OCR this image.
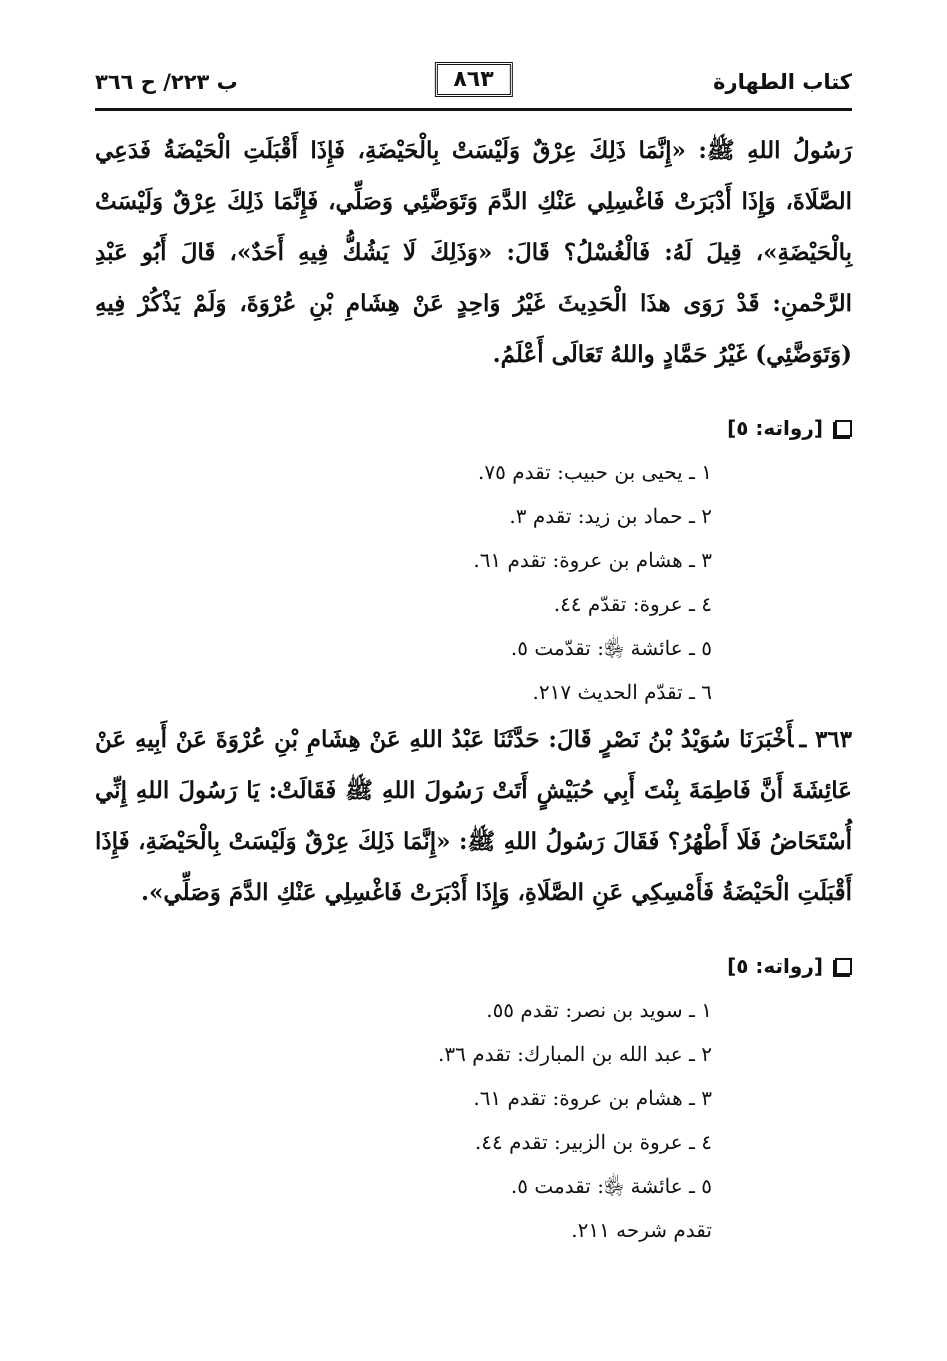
كتاب الطهارة
٨٦٣
ب ٢٢٣/ ح ٣٦٦

رَسُولُ اللهِ ﷺ: «إِنَّمَا ذَلِكَ عِرْقٌ وَلَيْسَتْ بِالْحَيْضَةِ، فَإِذَا أَقْبَلَتِ الْحَيْضَةُ فَدَعِي الصَّلَاةَ، وَإِذَا أَدْبَرَتْ فَاغْسِلِي عَنْكِ الدَّمَ وَتَوَضَّئِي وَصَلِّي، فَإِنَّمَا ذَلِكَ عِرْقٌ وَلَيْسَتْ بِالْحَيْضَةِ»، قِيلَ لَهُ: فَالْغُسْلُ؟ قَالَ: «وَذَلِكَ لَا يَشُكُّ فِيهِ أَحَدٌ»، قَالَ أَبُو عَبْدِ الرَّحْمنِ: قَدْ رَوَى هذَا الْحَدِيثَ غَيْرُ وَاحِدٍ عَنْ هِشَامِ بْنِ عُرْوَةَ، وَلَمْ يَذْكُرْ فِيهِ (وَتَوَضَّئِي) غَيْرُ حَمَّادٍ واللهُ تَعَالَى أَعْلَمُ.

[رواته: ٥]
١ ـ يحيى بن حبيب: تقدم ٧٥.
٢ ـ حماد بن زيد: تقدم ٣.
٣ ـ هشام بن عروة: تقدم ٦١.
٤ ـ عروة: تقدّم ٤٤.
٥ ـ عائشة ﵂: تقدّمت ٥.
٦ ـ تقدّم الحديث ٢١٧.

٣٦٣ ـأَخْبَرَنَا سُوَيْدُ بْنُ نَصْرٍ قَالَ: حَدَّثَنَا عَبْدُ اللهِ عَنْ هِشَامِ بْنِ عُرْوَةَ عَنْ أَبِيهِ عَنْ عَائِشَةَ أَنَّ فَاطِمَةَ بِنْتَ أَبِي حُبَيْشٍ أَتَتْ رَسُولَ اللهِ ﷺ فَقَالَتْ: يَا رَسُولَ اللهِ إِنِّي أُسْتَحَاضُ فَلَا أَطْهُرُ؟ فَقَالَ رَسُولُ اللهِ ﷺ: «إِنَّمَا ذَلِكَ عِرْقٌ وَلَيْسَتْ بِالْحَيْضَةِ، فَإِذَا أَقْبَلَتِ الْحَيْضَةُ فَأَمْسِكِي عَنِ الصَّلَاةِ، وَإِذَا أَدْبَرَتْ فَاغْسِلِي عَنْكِ الدَّمَ وَصَلِّي».

[رواته: ٥]
١ ـ سويد بن نصر: تقدم ٥٥.
٢ ـ عبد الله بن المبارك: تقدم ٣٦.
٣ ـ هشام بن عروة: تقدم ٦١.
٤ ـ عروة بن الزبير: تقدم ٤٤.
٥ ـ عائشة ﵂: تقدمت ٥.

تقدم شرحه ٢١١.
